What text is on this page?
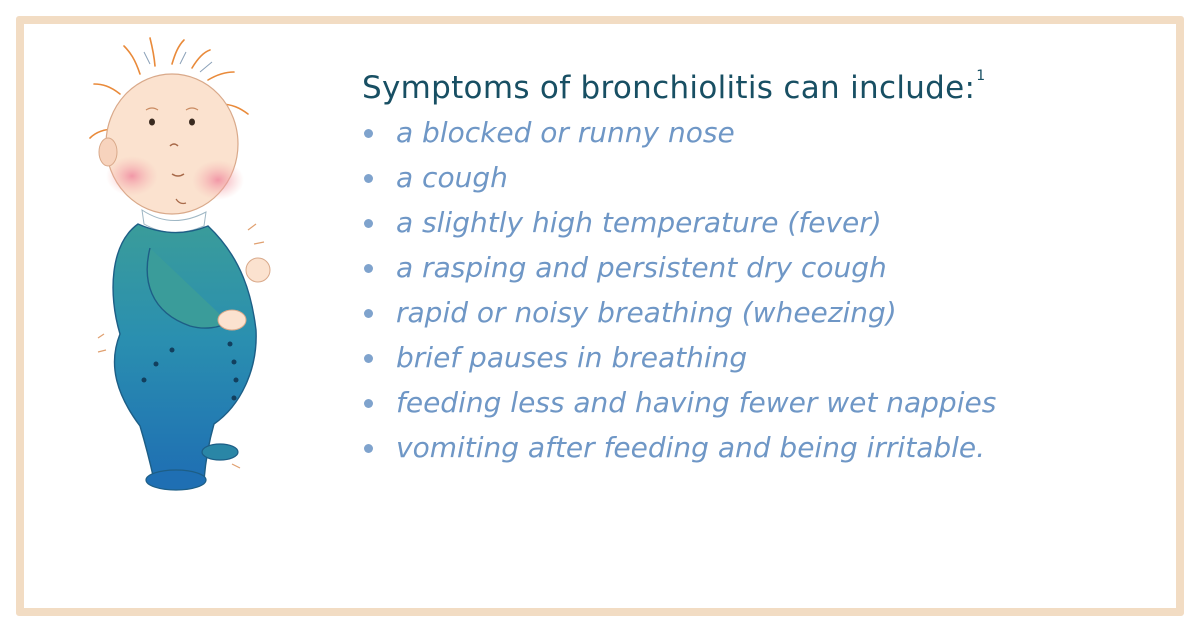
Symptoms of bronchiolitis can include:$^1$
a blocked or runny nose
a cough
a slightly high temperature (fever)
a rasping and persistent dry cough
rapid or noisy breathing (wheezing)
brief pauses in breathing
feeding less and having fewer wet nappies
vomiting after feeding and being irritable.
